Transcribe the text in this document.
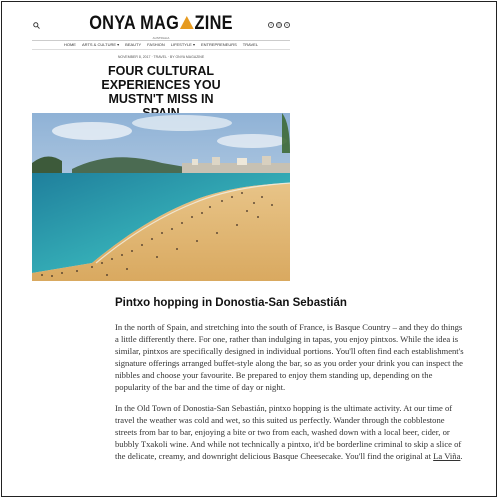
ONYA MAG ZINE
AUSTRALIA
f	◎	t
HOME ARTS & CULTURE ▾ BEAUTY FASHION LIFESTYLE ▾ ENTREPRENEURS TRAVEL
NOVEMBER 8, 2017 · TRAVEL · BY ONYA MAGAZINE
FOUR CULTURAL EXPERIENCES YOU MUSTN'T MISS IN
Pintxo hopping in Donostia-San Sebastián

In the north of Spain, and stretching into the south of France, is Basque Country – and they do things a little differently there. For one, rather than indulging in tapas, you enjoy pintxos. While the idea is similar, pintxos are specifically designed in individual portions. You'll often find each establishment's signature offerings arranged buffet-style along the bar, so as you order your drink you can inspect the nibbles and choose your favourite. Be prepared to enjoy them standing up, depending on the popularity of the bar and the time of day or night.

In the Old Town of Donostia-San Sebastián, pintxo hopping is the ultimate activity. At our time of travel the weather was cold and wet, so this suited us perfectly. Wander through the cobblestone streets from bar to bar, enjoying a bite or two from each, washed down with a local beer, cider, or bubbly Txakoli wine. And while not technically a pintxo, it'd be borderline criminal to skip a slice of the delicate, creamy, and downright delicious Basque Cheesecake. You'll find the original at La Viña.
